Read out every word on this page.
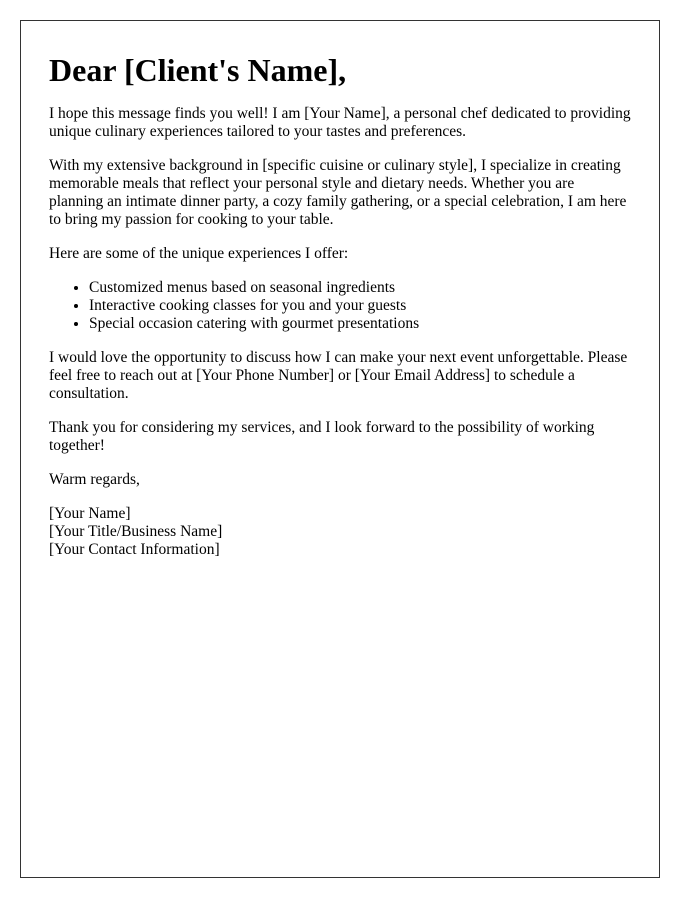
Dear [Client's Name],

I hope this message finds you well! I am [Your Name], a personal chef dedicated to providing unique culinary experiences tailored to your tastes and preferences.

With my extensive background in [specific cuisine or culinary style], I specialize in creating memorable meals that reflect your personal style and dietary needs. Whether you are planning an intimate dinner party, a cozy family gathering, or a special celebration, I am here to bring my passion for cooking to your table.

Here are some of the unique experiences I offer:

• Customized menus based on seasonal ingredients
• Interactive cooking classes for you and your guests
• Special occasion catering with gourmet presentations

I would love the opportunity to discuss how I can make your next event unforgettable. Please feel free to reach out at [Your Phone Number] or [Your Email Address] to schedule a consultation.

Thank you for considering my services, and I look forward to the possibility of working together!

Warm regards,

[Your Name]
[Your Title/Business Name]
[Your Contact Information]
